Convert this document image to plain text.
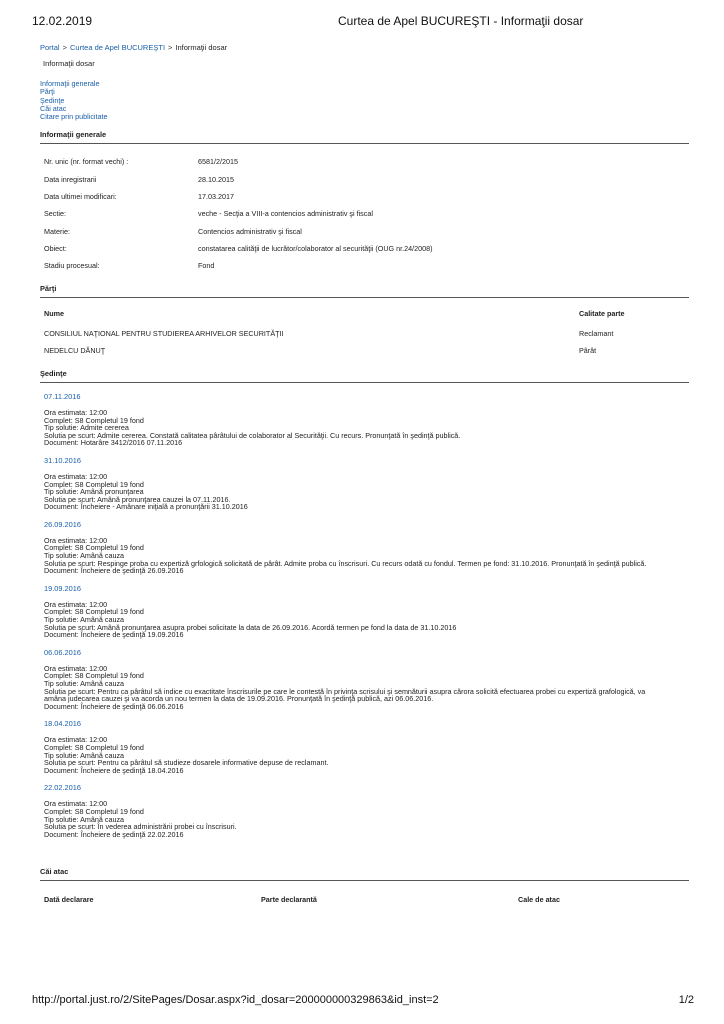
12.02.2019	Curtea de Apel BUCUREŞTI - Informaţii dosar
Portal > Curtea de Apel BUCUREŞTI > Informaţii dosar
Informaţii dosar
Informaţii generale
Părţi
Şedinţe
Căi atac
Citare prin publicitate
Informaţii generale
Nr. unic (nr. format vechi) :	6581/2/2015
Data inregistrarii	28.10.2015
Data ultimei modificari:	17.03.2017
Sectie:	veche - Secţia a VIII-a contencios administrativ şi fiscal
Materie:	Contencios administrativ şi fiscal
Obiect:	constatarea calităţii de lucrător/colaborator al securităţii (OUG nr.24/2008)
Stadiu procesual:	Fond
Părţi
Nume	Calitate parte
CONSILIUL NAŢIONAL PENTRU STUDIEREA ARHIVELOR SECURITĂŢII	Reclamant
NEDELCU DĂNUŢ	Pârât
Şedinţe
07.11.2016
Ora estimata: 12:00
Complet: S8 Completul 19 fond
Tip solutie: Admite cererea
Solutia pe scurt: Admite cererea. Constată calitatea pârâtului de colaborator al Securităţii. Cu recurs. Pronunţată în şedinţă publică.
Document: Hotarâre 3412/2016 07.11.2016
31.10.2016
Ora estimata: 12:00
Complet: S8 Completul 19 fond
Tip solutie: Amână pronunţarea
Solutia pe scurt: Amână pronunţarea cauzei la 07.11.2016.
Document: Încheiere - Amânare iniţială a pronunţării 31.10.2016
26.09.2016
Ora estimata: 12:00
Complet: S8 Completul 19 fond
Tip solutie: Amână cauza
Solutia pe scurt: Respinge proba cu expertiză grfologică solicitată de pârât. Admite proba cu înscrisuri. Cu recurs odată cu fondul. Termen pe fond: 31.10.2016. Pronunţată în şedinţă publică.
Document: Încheiere de şedinţă 26.09.2016
19.09.2016
Ora estimata: 12:00
Complet: S8 Completul 19 fond
Tip solutie: Amână cauza
Solutia pe scurt: Amână pronunţarea asupra probei solicitate la data de 26.09.2016. Acordă termen pe fond la data de 31.10.2016
Document: Încheiere de şedinţă 19.09.2016
06.06.2016
Ora estimata: 12:00
Complet: S8 Completul 19 fond
Tip solutie: Amână cauza
Solutia pe scurt: Pentru ca pârâtul să indice cu exactitate înscrisurile pe care le contestă în privinţa scrisului şi semnăturii asupra cărora solicită efectuarea probei cu expertiză grafologică, va
amâna judecarea cauzei şi va acorda un nou termen la data de 19.09.2016. Pronunţată în şedinţă publică, azi 06.06.2016.
Document: Încheiere de şedinţă 06.06.2016
18.04.2016
Ora estimata: 12:00
Complet: S8 Completul 19 fond
Tip solutie: Amână cauza
Solutia pe scurt: Pentru ca pârâtul să studieze dosarele informative depuse de reclamant.
Document: Încheiere de şedinţă 18.04.2016
22.02.2016
Ora estimata: 12:00
Complet: S8 Completul 19 fond
Tip solutie: Amână cauza
Solutia pe scurt: În vederea administrării probei cu înscrisuri.
Document: Încheiere de şedinţă 22.02.2016
Căi atac
Dată declarare	Parte declarantă	Cale de atac
http://portal.just.ro/2/SitePages/Dosar.aspx?id_dosar=200000000329863&id_inst=2	1/2
